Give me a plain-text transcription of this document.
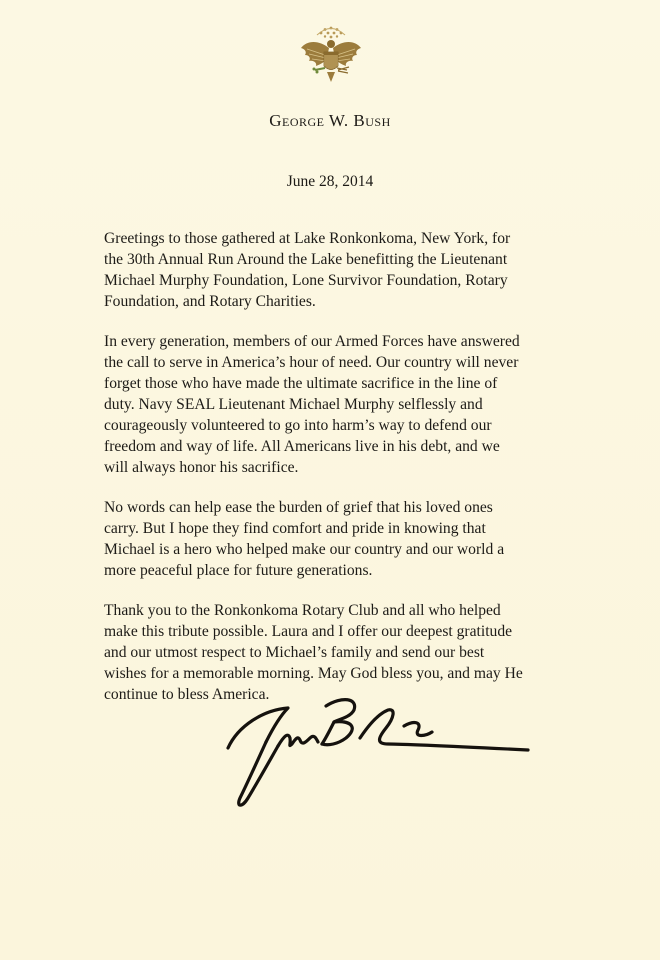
George W. Bush
June 28, 2014

Greetings to those gathered at Lake Ronkonkoma, New York, for
the 30th Annual Run Around the Lake benefitting the Lieutenant
Michael Murphy Foundation, Lone Survivor Foundation, Rotary
Foundation, and Rotary Charities.

In every generation, members of our Armed Forces have answered
the call to serve in America’s hour of need. Our country will never
forget those who have made the ultimate sacrifice in the line of
duty. Navy SEAL Lieutenant Michael Murphy selflessly and
courageously volunteered to go into harm’s way to defend our
freedom and way of life. All Americans live in his debt, and we
will always honor his sacrifice.

No words can help ease the burden of grief that his loved ones
carry. But I hope they find comfort and pride in knowing that
Michael is a hero who helped make our country and our world a
more peaceful place for future generations.

Thank you to the Ronkonkoma Rotary Club and all who helped
make this tribute possible. Laura and I offer our deepest gratitude
and our utmost respect to Michael’s family and send our best
wishes for a memorable morning. May God bless you, and may He
continue to bless America.
